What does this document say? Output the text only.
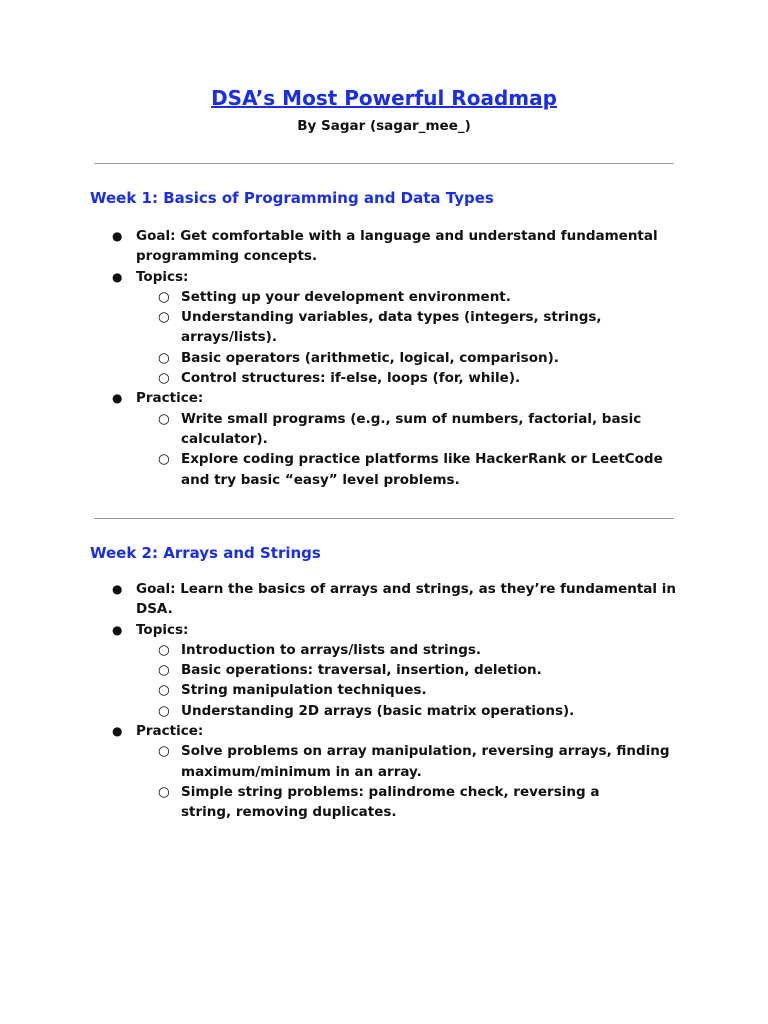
DSA’s Most Powerful Roadmap
By Sagar (sagar_mee_)
Week 1: Basics of Programming and Data Types
● Goal: Get comfortable with a language and understand fundamental programming concepts.
● Topics:
○ Setting up your development environment.
○ Understanding variables, data types (integers, strings, arrays/lists).
○ Basic operators (arithmetic, logical, comparison).
○ Control structures: if-else, loops (for, while).
● Practice:
○ Write small programs (e.g., sum of numbers, factorial, basic calculator).
○ Explore coding practice platforms like HackerRank or LeetCode and try basic “easy” level problems.
Week 2: Arrays and Strings
● Goal: Learn the basics of arrays and strings, as they’re fundamental in DSA.
● Topics:
○ Introduction to arrays/lists and strings.
○ Basic operations: traversal, insertion, deletion.
○ String manipulation techniques.
○ Understanding 2D arrays (basic matrix operations).
● Practice:
○ Solve problems on array manipulation, reversing arrays, finding maximum/minimum in an array.
○ Simple string problems: palindrome check, reversing a string, removing duplicates.
